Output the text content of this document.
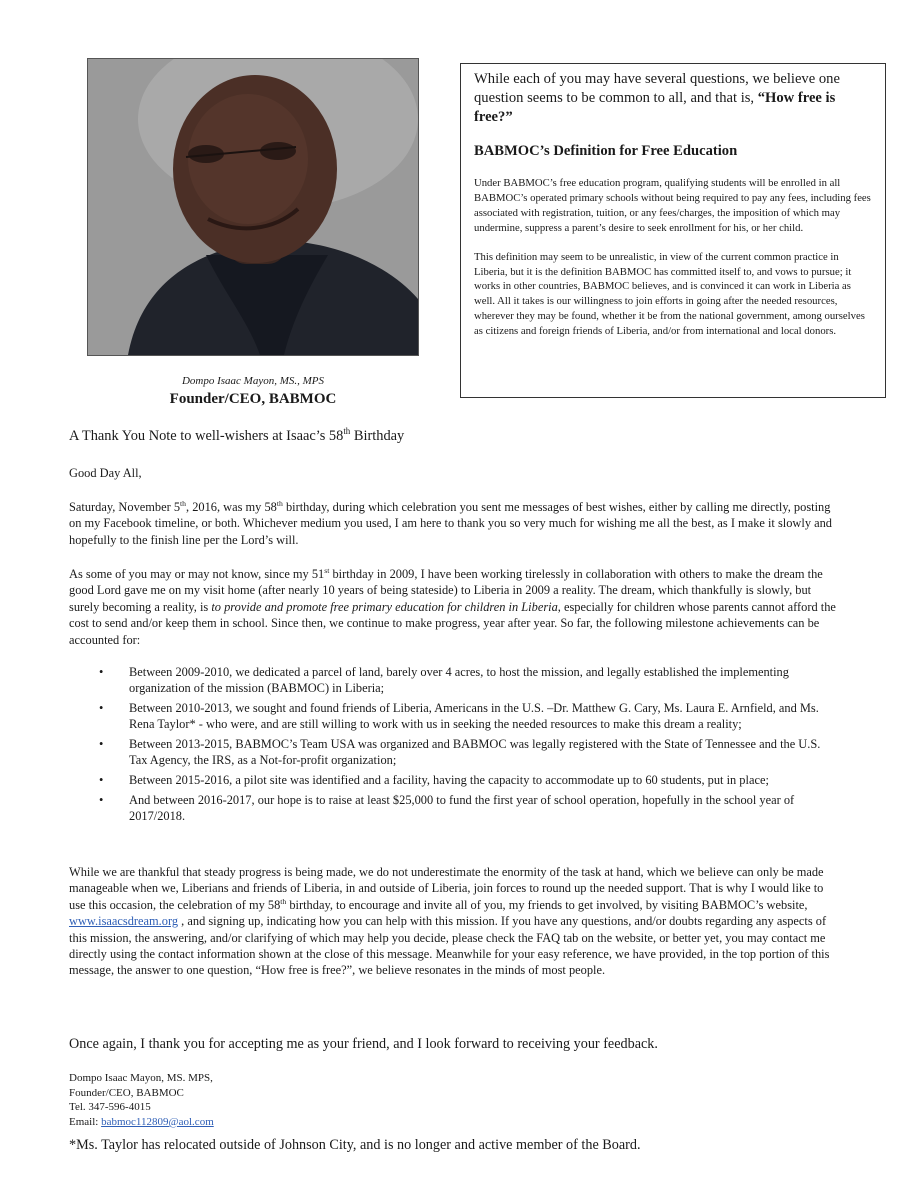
Dompo Isaac Mayon, MS., MPS
Founder/CEO, BABMOC

While each of you may have several questions, we believe one question seems to be common to all, and that is, “How free is free?”

BABMOC’s Definition for Free Education

Under BABMOC’s free education program, qualifying students will be enrolled in all BABMOC’s operated primary schools without being required to pay any fees, including fees associated with registration, tuition, or any fees/charges, the imposition of which may undermine, suppress a parent’s desire to seek enrollment for his, or her child.

This definition may seem to be unrealistic, in view of the current common practice in Liberia, but it is the definition BABMOC has committed itself to, and vows to pursue; it works in other countries, BABMOC believes, and is convinced it can work in Liberia as well. All it takes is our willingness to join efforts in going after the needed resources, wherever they may be found, whether it be from the national government, among ourselves as citizens and foreign friends of Liberia, and/or from international and local donors.

A Thank You Note to well-wishers at Isaac’s 58th Birthday

Good Day All,

Saturday, November 5th, 2016, was my 58th birthday, during which celebration you sent me messages of best wishes, either by calling me directly, posting on my Facebook timeline, or both. Whichever medium you used, I am here to thank you so very much for wishing me all the best, as I make it slowly and hopefully to the finish line per the Lord’s will.

As some of you may or may not know, since my 51st birthday in 2009, I have been working tirelessly in collaboration with others to make the dream the good Lord gave me on my visit home (after nearly 10 years of being stateside) to Liberia in 2009 a reality. The dream, which thankfully is slowly, but surely becoming a reality, is to provide and promote free primary education for children in Liberia, especially for children whose parents cannot afford the cost to send and/or keep them in school. Since then, we continue to make progress, year after year. So far, the following milestone achievements can be accounted for:

• Between 2009-2010, we dedicated a parcel of land, barely over 4 acres, to host the mission, and legally established the implementing organization of the mission (BABMOC) in Liberia;
• Between 2010-2013, we sought and found friends of Liberia, Americans in the U.S. –Dr. Matthew G. Cary, Ms. Laura E. Arnfield, and Ms. Rena Taylor* - who were, and are still willing to work with us in seeking the needed resources to make this dream a reality;
• Between 2013-2015, BABMOC’s Team USA was organized and BABMOC was legally registered with the State of Tennessee and the U.S. Tax Agency, the IRS, as a Not-for-profit organization;
• Between 2015-2016, a pilot site was identified and a facility, having the capacity to accommodate up to 60 students, put in place;
• And between 2016-2017, our hope is to raise at least $25,000 to fund the first year of school operation, hopefully in the school year of 2017/2018.

While we are thankful that steady progress is being made, we do not underestimate the enormity of the task at hand, which we believe can only be made manageable when we, Liberians and friends of Liberia, in and outside of Liberia, join forces to round up the needed support. That is why I would like to use this occasion, the celebration of my 58th birthday, to encourage and invite all of you, my friends to get involved, by visiting BABMOC’s website, www.isaacsdream.org , and signing up, indicating how you can help with this mission. If you have any questions, and/or doubts regarding any aspects of this mission, the answering, and/or clarifying of which may help you decide, please check the FAQ tab on the website, or better yet, you may contact me directly using the contact information shown at the close of this message. Meanwhile for your easy reference, we have provided, in the top portion of this message, the answer to one question, “How free is free?”, we believe resonates in the minds of most people.

Once again, I thank you for accepting me as your friend, and I look forward to receiving your feedback.

Dompo Isaac Mayon, MS. MPS,
Founder/CEO, BABMOC
Tel. 347-596-4015
Email: babmoc112809@aol.com
*Ms. Taylor has relocated outside of Johnson City, and is no longer and active member of the Board.
